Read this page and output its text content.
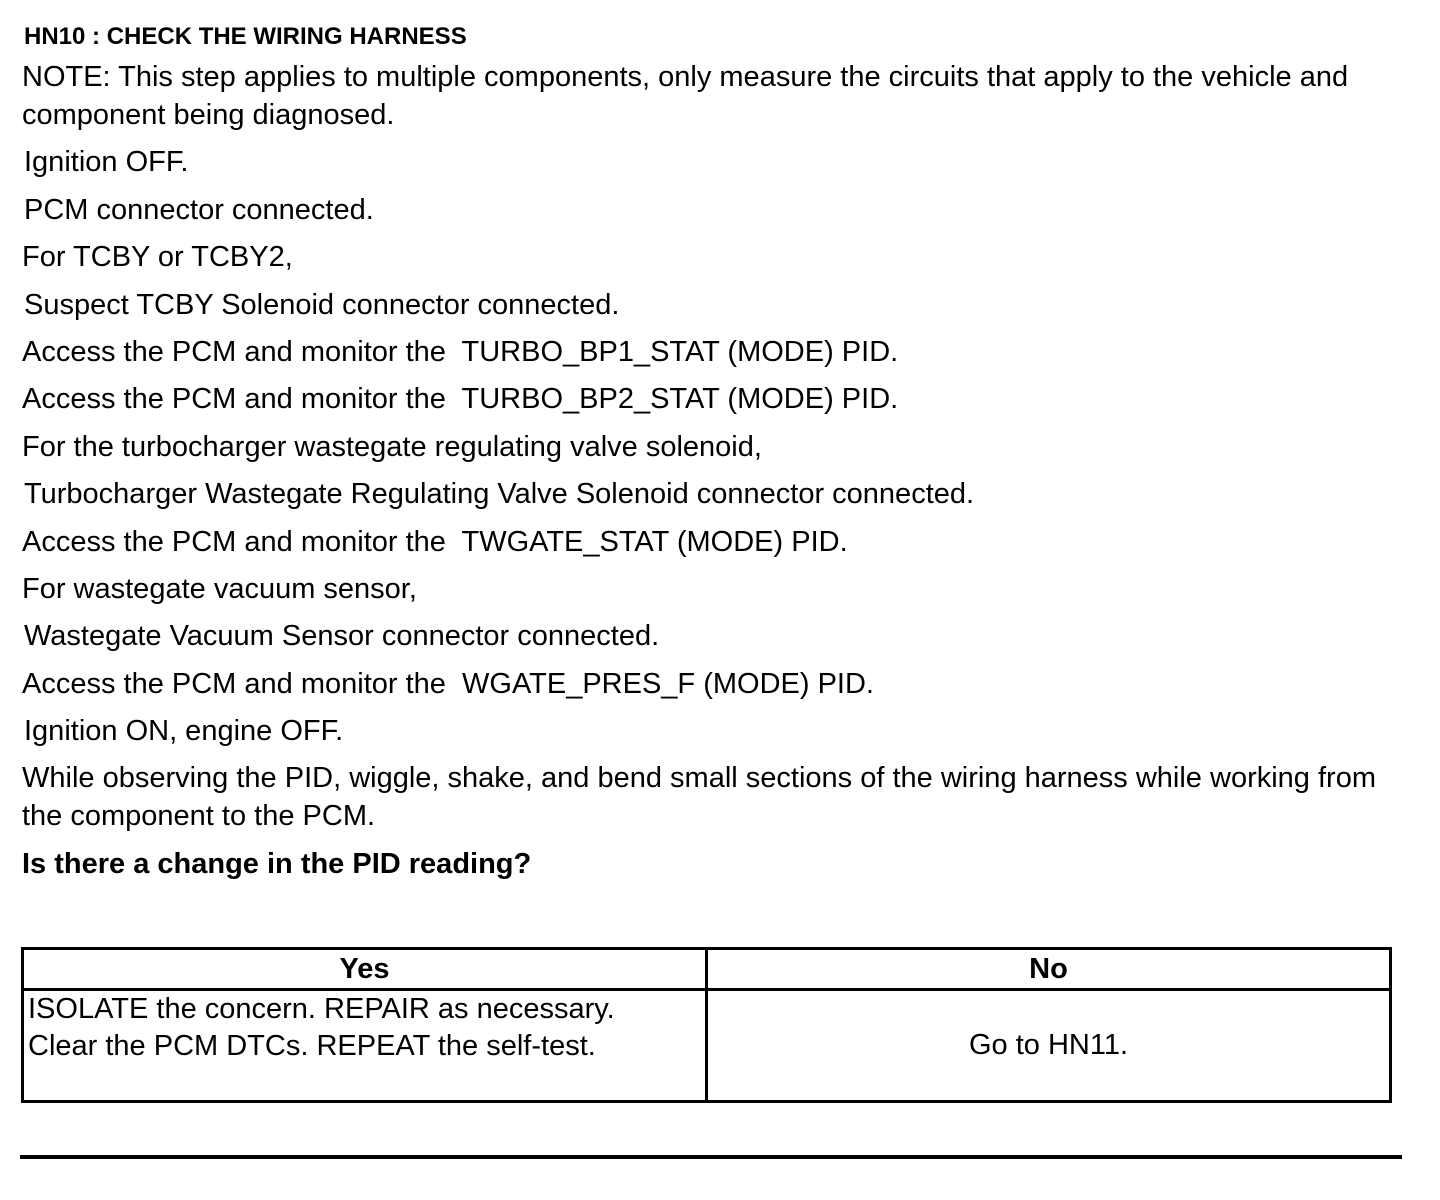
HN10 : CHECK THE WIRING HARNESS
NOTE: This step applies to multiple components, only measure the circuits that apply to the vehicle and component being diagnosed.
Ignition OFF.
PCM connector connected.
For TCBY or TCBY2,
Suspect TCBY Solenoid connector connected.
Access the PCM and monitor the  TURBO_BP1_STAT (MODE) PID.
Access the PCM and monitor the  TURBO_BP2_STAT (MODE) PID.
For the turbocharger wastegate regulating valve solenoid,
Turbocharger Wastegate Regulating Valve Solenoid connector connected.
Access the PCM and monitor the  TWGATE_STAT (MODE) PID.
For wastegate vacuum sensor,
Wastegate Vacuum Sensor connector connected.
Access the PCM and monitor the  WGATE_PRES_F (MODE) PID.
Ignition ON, engine OFF.
While observing the PID, wiggle, shake, and bend small sections of the wiring harness while working from the component to the PCM.
Is there a change in the PID reading?
Yes	No

ISOLATE the concern. REPAIR as necessary.
Clear the PCM DTCs. REPEAT the self-test.	Go to HN11.
